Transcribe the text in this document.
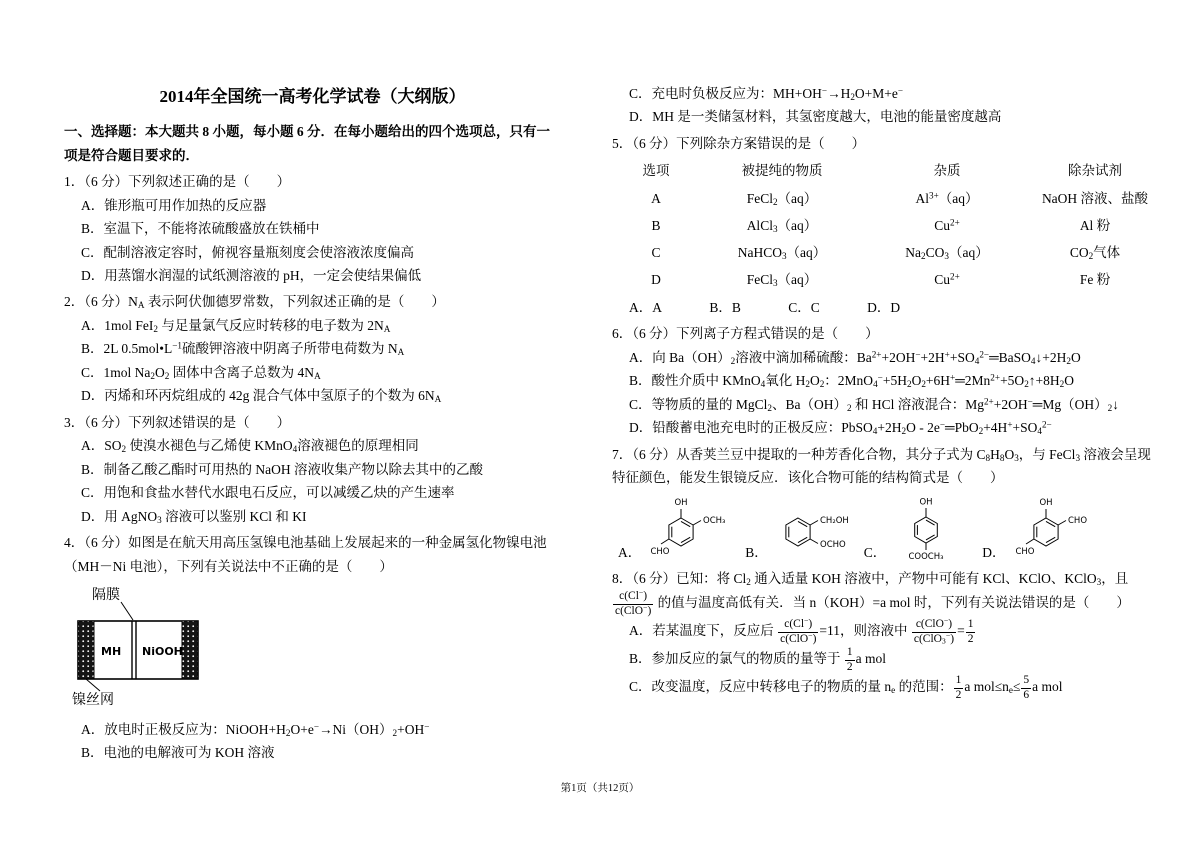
2014年全国统一高考化学试卷（大纲版）

一、选择题：本大题共 8 小题，每小题 6 分．在每小题给出的四个选项总，只有一项是符合题目要求的．

1．（6 分）下列叙述正确的是（　　）

A．锥形瓶可用作加热的反应器

B．室温下，不能将浓硫酸盛放在铁桶中

C．配制溶液定容时，俯视容量瓶刻度会使溶液浓度偏高

D．用蒸馏水润湿的试纸测溶液的 pH，一定会使结果偏低

2．（6 分）$N_A$ 表示阿伏伽德罗常数，下列叙述正确的是（　　）

A．1mol FeI$_2$ 与足量氯气反应时转移的电子数为 $2N_A$

B．2L $0.5mol•L^{-1}$硫酸钾溶液中阴离子所带电荷数为 $N_A$

C．1mol $Na_2O_2$ 固体中含离子总数为 $4N_A$

D．丙烯和环丙烷组成的 42g 混合气体中氢原子的个数为 $6N_A$

3．（6 分）下列叙述错误的是（　　）

A．$SO_2$ 使溴水褪色与乙烯使 KMnO$_4$溶液褪色的原理相同

B．制备乙酸乙酯时可用热的 NaOH 溶液收集产物以除去其中的乙酸

C．用饱和食盐水替代水跟电石反应，可以减缓乙炔的产生速率

D．用 AgNO$_3$ 溶液可以鉴别 KCl 和 KI

4．（6 分）如图是在航天用高压氢镍电池基础上发展起来的一种金属氢化物镍电池（MH－Ni 电池），下列有关说法中不正确的是（　　）

隔膜
MH NiOOH
镍丝网

A．放电时正极反应为：$NiOOH+H_2O+e^-\to Ni(OH)_2+OH^-$

B．电池的电解液可为 KOH 溶液

C．充电时负极反应为：$MH+OH^-\to H_2O+M+e^-$

D．MH 是一类储氢材料，其氢密度越大，电池的能量密度越高

5．（6 分）下列除杂方案错误的是（　　）

选项	被提纯的物质	杂质	除杂试剂
A	FeCl$_2$（aq）	$Al^{3+}(aq)$	NaOH 溶液、盐酸
B	AlCl$_3$（aq）	$Cu^{2+}$	Al 粉
C	NaHCO$_3$（aq）	$Na_2CO_3(aq)$	$CO_2$气体
D	FeCl$_3$（aq）	$Cu^{2+}$	Fe 粉

A．A	B．B	C．C	D．D

6．（6 分）下列离子方程式错误的是（　　）

A．向 $Ba(OH)_2$溶液中滴加稀硫酸：$Ba^{2+}+2OH^-+2H^++SO_4^{2-}═BaSO_4↓+2H_2O$

B．酸性介质中 KMnO$_4$氧化 $H_2O_2$：$2MnO_4^-+5H_2O_2+6H^+═2Mn^{2+}+5O_2↑+8H_2O$

C．等物质的量的 MgCl$_2$、$Ba(OH)_2$ 和 HCl 溶液混合：$Mg^{2+}+2OH^-═Mg(OH)_2↓$

D．铅酸蓄电池充电时的正极反应：$PbSO_4+2H_2O$ - $2e^-═PbO_2+4H^++SO_4^{2-}$

7．（6 分）从香荚兰豆中提取的一种芳香化合物，其分子式为 $C_8H_8O_3$，与 FeCl$_3$ 溶液会呈现特征颜色，能发生银镜反应．该化合物可能的结构简式是（　　）

A．
OH
OCH₃
CHO	B．
CH₂OH
OCHO
C．
OH
COOCH₃	D．
OH
CHO
CHO

8．（6 分）已知：将 $Cl_2$ 通入适量 KOH 溶液中，产物中可能有 KCl、KClO、KClO$_3$，且
$\frac{c(Cl^-)}{c(ClO^-)}$ 的值与温度高低有关．当 n（KOH）=a mol 时，下列有关说法错误的是（　　）

A．若某温度下，反应后 $\frac{c(Cl^-)}{c(ClO^-)} =11$，则溶液中 $\frac{c(ClO^-)}{c(ClO_3^-)} = \frac{1}{2}$

B．参加反应的氯气的物质的量等于 $\frac{1}{2}$ a mol

C．改变温度，反应中转移电子的物质的量 $n_e$ 的范围： $\frac{1}{2}$ a $mol\le n_e\le \frac{5}{6}$ a mol

第1页（共12页）
